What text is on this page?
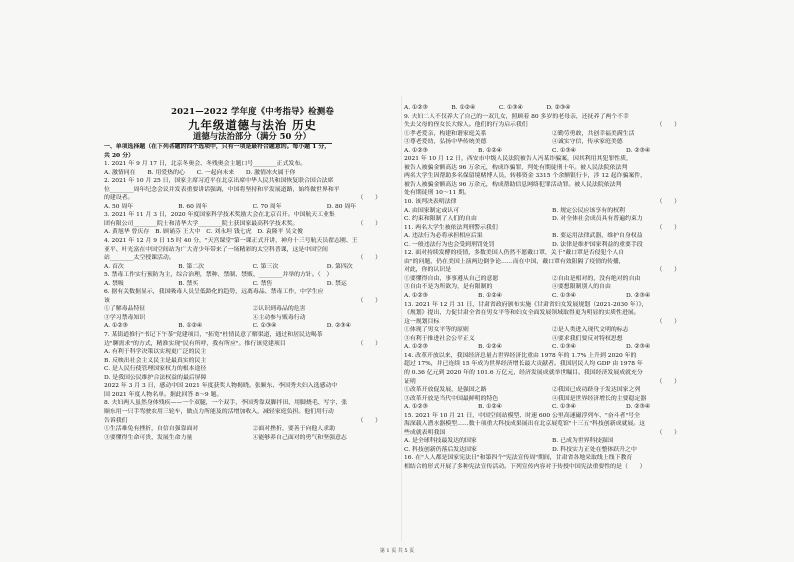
2021—2022 学年度《中考指导》检测卷
九年级道德与法治 历史
道德与法治部分（满分 50 分）
一、单项选择题（在下列各题的四个选项中，只有一项是最符合题意的。每小题 1 分，
共 20 分）
1. 2021 年 9 月 17 日，北京冬奥会、冬残奥会主题口号________正式发布。
A. 激情同在　　B. 用爱热的心　　C. 一起向未来　　D. 激情冰火属于你
2. 2021 年 10 月 25 日，国家主席习近平在北京出席中华人民共和国恢复联合国合法席
位________周年纪念会议并发表重要讲话强调，中国将坚持和平发展道路，始终做世界和平
（　　）
的建设者。
A. 50 周年	B. 60 周年	C. 70 周年	D. 80 周年
3. 2021 年 11 月 3 日，2020 年度国家科学技术奖励大会在北京召开。中国航天工业集
（　　）
团有限公司________院士和清华大学________院士获国家最高科学技术奖。
A. 黄旭华 曾庆存　B. 顾诵芬 王大中　C. 刘永坦 钱七虎　D. 袁隆平 吴文俊
4. 2021 年 12 月 9 日 15 时 40 分，"天宫课堂"第一课正式开讲，神舟十三号航天员翟志刚、王
亚平、叶光富在中国空间站为广大青少年带来了一场精彩的太空科普课，这是中国空间
（　　）
站________太空授课活动。
A. 首次	B. 第二次	C. 第三次	D. 第四次
5. 禁毒工作实行预防为主，综合治理，禁种、禁制、禁贩、________并举的方针。（　）
A. 禁吸	B. 禁买	C. 禁售	D. 禁运
6. 据有关数据显示，我国吸毒人员呈低龄化的趋势，远离毒品、禁毒工作，中学生应
（　　）
该
①了解毒品特征	②认识到毒品的危害
③学习禁毒知识	④主动参与贩毒行动
A. ①②③	B. ①②④	C. ①③④	D. ②③④
7. 某街道推行"书记下午茶"党建项目，"拓宽"杜情民意了解渠道，通过和居民边喝茶
（　　）
边"聊需求"的方式，精准实现"民有所呼，我有所应"。推行该党建项目
A. 有利于科学决策以实现更广泛的民主
B. 反映出社会主义民主是最真实的民主
C. 是人民行使管理国家权力的根本途径
D. 是我国公民维护合法权益的最后屏障
2022 年 3 月 3 日，感动中国 2021 年度获奖人物揭晓。张顺东、李国秀夫妇入选感动中
国 2021 年度人物名单。据此回答 8～9 题。
8. 夫妇两人虽然身体残疾——一个双腿，一个双手，李国秀靠双脚拌田、用脚烧毛、写字，张
顺东用一只手驾驶农用三轮车，做点力所能及的活增加收入，减轻家庭负担。他们用行动
（　　）
告诉我们
①生活难免有挫折，自信自强靠面对	②面对挫折，要善于向他人求助
③要懂得生命可贵，发展生命力量	④能够养自己面对的勇气和坚强意志
A. ①②③　　　　B. ①②④　　　　C. ①③④　　　　D. ②③④
9. 夫妇二人不仅养大了自己的一双儿女，照顾着 80 多岁的老母亲，还抚养了两个不幸
（　　）
失去父母的侄女长大嫁人。他们的行为启示我们
①孝老爱亲，构建和谐家庭关系	②勤劳勇敢，共创幸福美满生活
③尊老爱幼，弘扬中华传统美德	④诚实守信，传承家庭美德
A. ①②③	B. ①②④	C. ①③④	D. ②③④
2021 年 10 月 12 日，西安市中级人民法院被告人冯某诈骗案，因其利用其犯罪性质，
被告人被骗金额高达 96 万余元，构成诈骗罪，判处有期徒刑十年。被人民法院依法判
两名大学生因帮助多名保留境赌博人员，转移资金 3315 个余额银行卡，涉 12 起诈骗案件，
被告人被骗金额高达 96 万余元，构成帮助信息网络犯罪活动罪。被人民法院依法判
处有期徒刑 10～11 期。
（　　）
10. 该判决表明法律
A. 由国家制定或认可	B. 规定公民应该享有的权利
C. 约束和限制了人们的自由	D. 对全体社会成员具有普遍约束力
（　　）
11. 两名大学生被依法判刑警示我们
A. 违法行为必将承担相应后果	B. 要运用法律武器，维护自身权益
C. 一般违法行为也会受到刑罚处罚	D. 法律是维护国家利益的重要手段
12. 面对持续发酵的疫情，多数美国人仍然不愿戴口罩，关于"戴口罩是否侵犯个人自
由"的问题，仍在美国上演两边倒争论……而在中国，戴口罩有效阻隔了疫情的传播，
（　　）
对此，你的认识是
①要懂得自由，事事遵从自己的意愿	②自由是相对的，没有绝对的自由
③自由不是为所欲为，是有限制的	④要想限制别人的自由
A. ①②③	B. ①②④	C. ①③④	D. ②③④
13. 2021 年 12 月 31 日，甘肃省政府颁布实施《甘肃省妇女发展规划（2021-2030 年）》，
《规划》提出，力促甘肃全省在男女平等和妇女全面发展领域取得更为明显的实质性进展。
（　　）
这一规划目标
①体现了男女平等的原则	②是人类进入现代文明的标志
③有利于推进社会公平正义	④要求我们要反对特权思想
A. ①②③	B. ①②④	C. ①③④	D. ②③④
14. 改革开放以来，我国经济总量占世界经济比重由 1978 年的 1.7% 上升到 2020 年的
超过 17%，并已连续 15 年成为世界经济增长最大贡献者。我国居民人均 GDP 由 1978 年
的 0.36 亿元到 2020 年的 101.6 万亿元，经济发展成就举世瞩目。我国经济发展成就充分
（　　）
证明
①改革开放促发展，是强国之路	②我国已成功跻身于发达国家之列
③改革开放是当代中国最鲜明的特色	④我国是世界经济增长的主要稳定器
A. ①②③	B. ①②④	C. ①③④	D. ②③④
15. 2021 年 10 月 21 日，中国空间站模型、时速 600 公里高速磁浮列车、"奋斗者"号全
海深载人潜水器模型……数十项重大科技成果展出在北京展览馆"十三五"科技创新成就展。这
（　　）
些成就表明我国
A. 是全球科技最发达的国家	B. 已成为世界科技强国
C. 科技创新仍落后发达国家	D. 科技实力正处在整体跃升之中
16. 在"人人都是国家宪法日"和第四个"宪法宣传周"期间，甘肃省各地采取线上线下教育
相结合的形式开展了多种宪法宣传活动。下列宣传内容对于传授中国宪法重要性的是（　　）
第 1 页 共 5 页
